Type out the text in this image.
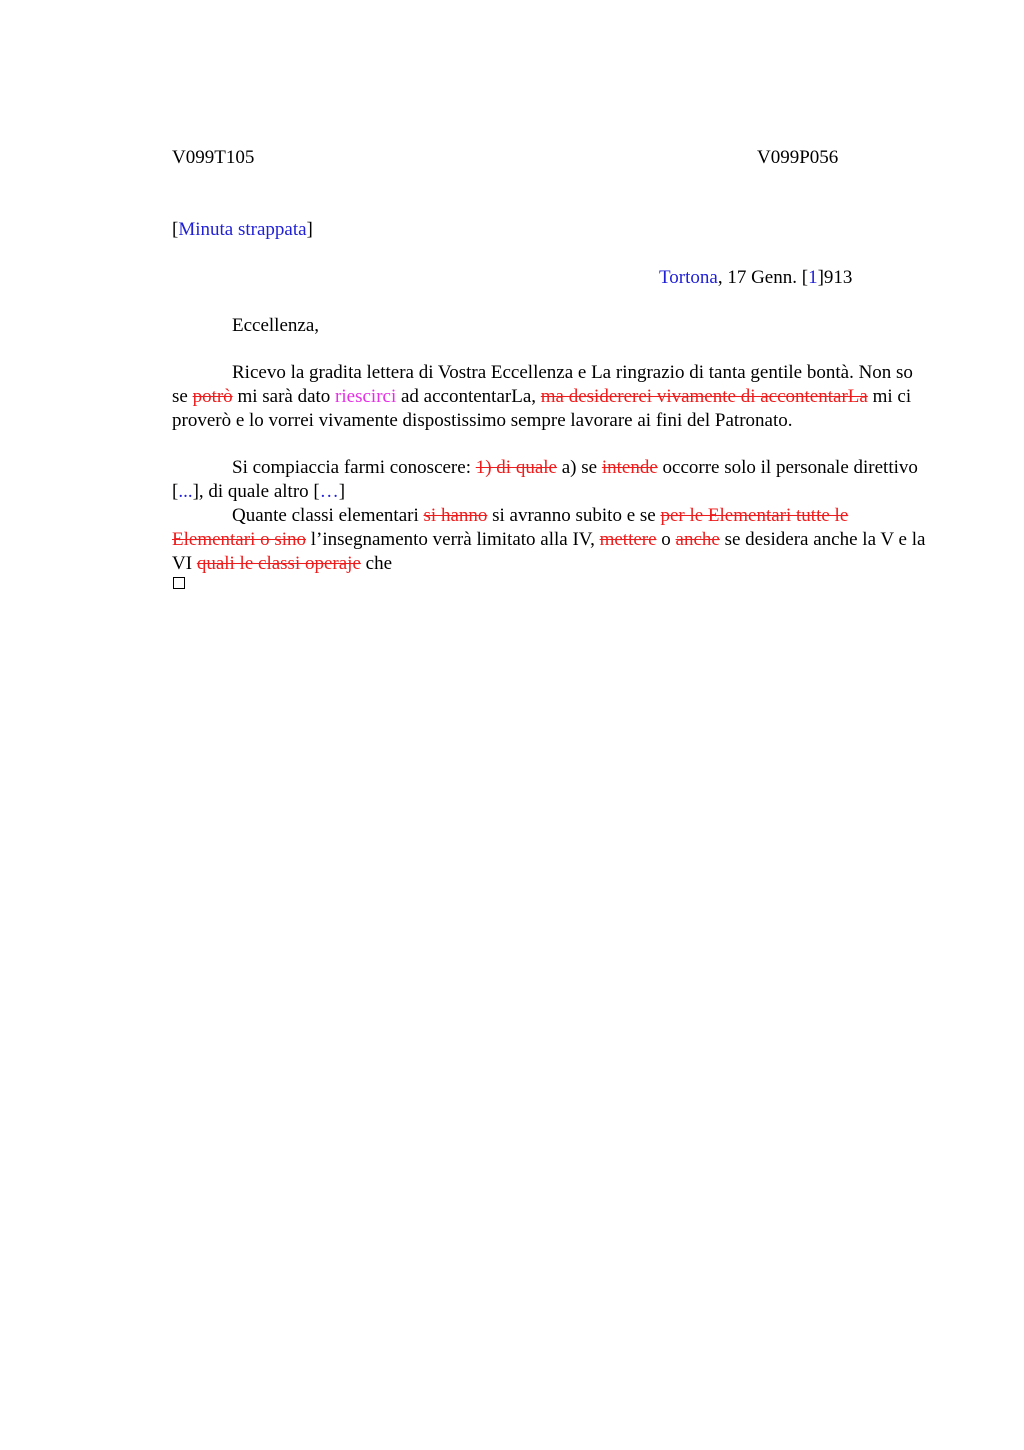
V099T105	V099P056
[Minuta strappata]
Tortona, 17 Genn. [1]913
Eccellenza,

Ricevo la gradita lettera di Vostra Eccellenza e La ringrazio di tanta gentile bontà. Non so se potrò mi sarà dato riescirci ad accontentarLa, ma desidererei vivamente di accontentarLa mi ci proverò e lo vorrei vivamente dispostissimo sempre lavorare ai fini del Patronato.

Si compiaccia farmi conoscere: 1) di quale a) se intende occorre solo il personale direttivo [...], di quale altro […]

Quante classi elementari si hanno si avranno subito e se per le Elementari tutte le Elementari o sino l’insegnamento verrà limitato alla IV, mettere o anche se desidera anche la V e la VI quali le classi operaje che
